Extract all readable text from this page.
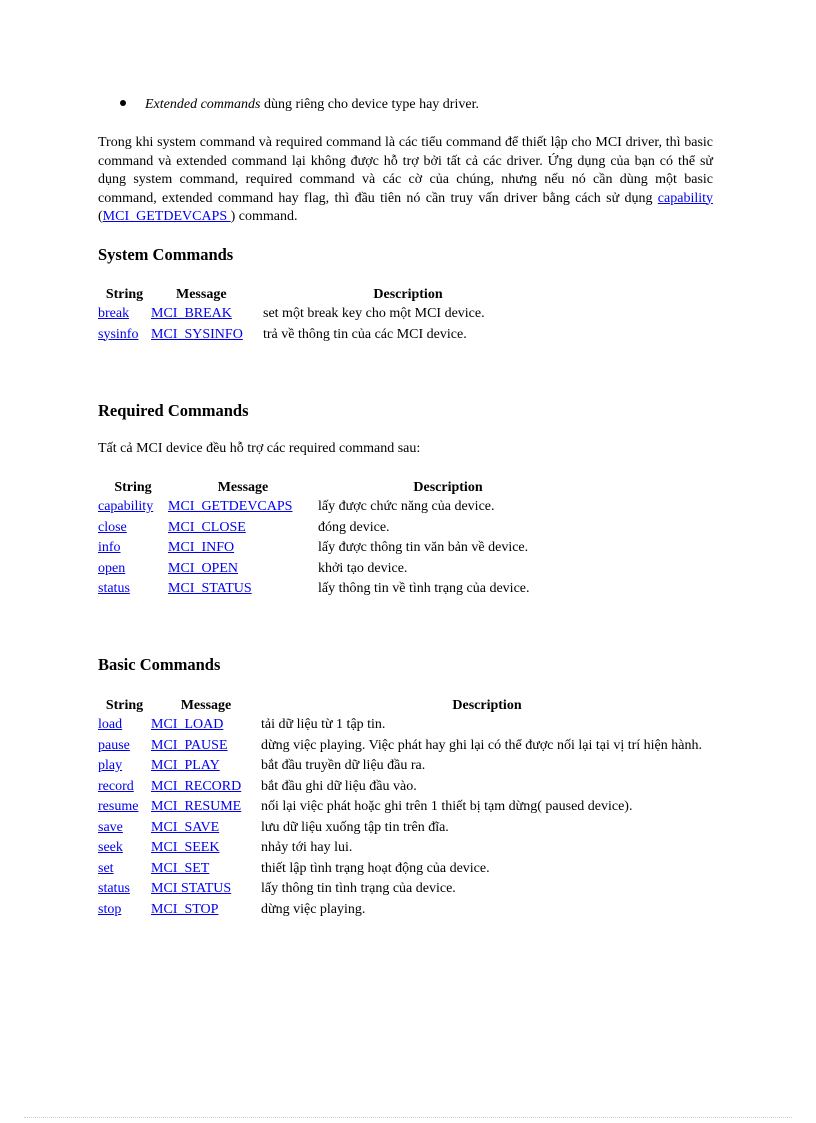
Extended commands dùng riêng cho device type hay driver.

Trong khi system command và required command là các tiểu command để thiết lập cho MCI driver, thì basic command và extended command lại không được hỗ trợ bởi tất cả các driver. Ứng dụng của bạn có thể sử dụng system command, required command và các cờ của chúng, nhưng nếu nó cần dùng một basic command, extended command hay flag, thì đầu tiên nó cần truy vấn driver bằng cách sử dụng capability (MCI_GETDEVCAPS ) command.

System Commands
String	Message	Description
break	MCI_BREAK	set một break key cho một MCI device.
sysinfo	MCI_SYSINFO	trả về thông tin của các MCI device.
Required Commands
Tất cả MCI device đều hỗ trợ các required command sau:
String	Message	Description
capability	MCI_GETDEVCAPS	lấy được chức năng của device.
close	MCI_CLOSE	đóng device.
info	MCI_INFO	lấy được thông tin văn bản về device.
open	MCI_OPEN	khởi tạo device.
status	MCI_STATUS	lấy thông tin về tình trạng của device.
Basic Commands
String	Message	Description
load	MCI_LOAD	tải dữ liệu từ 1 tập tin.
pause	MCI_PAUSE	dừng việc playing. Việc phát hay ghi lại có thể được nối lại tại vị trí hiện hành.
play	MCI_PLAY	bắt đầu truyền dữ liệu đầu ra.
record	MCI_RECORD	bắt đầu ghi dữ liệu đầu vào.
resume	MCI_RESUME	nối lại việc phát hoặc ghi trên 1 thiết bị tạm dừng( paused device).
save	MCI_SAVE	lưu dữ liệu xuống tập tin trên đĩa.
seek	MCI_SEEK	nhảy tới hay lui.
set	MCI_SET	thiết lập tình trạng hoạt động của device.
status	MCI STATUS	lấy thông tin tình trạng của device.
stop	MCI_STOP	dừng việc playing.
